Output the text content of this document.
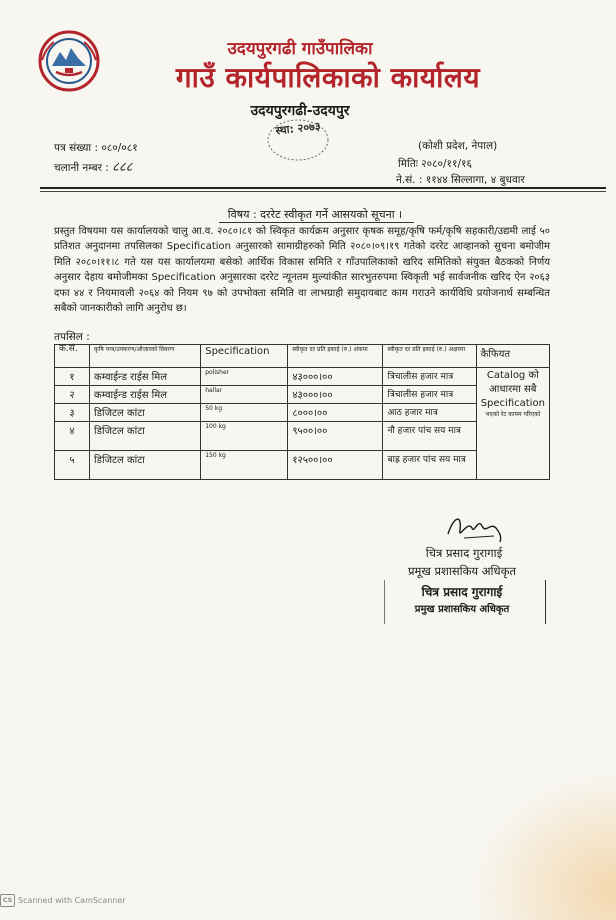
उदयपुरगढी गाउँपालिका
गाउँ कार्यपालिकाको कार्यालय
उदयपुरगढी-उदयपुर
स्था: २०७३
पत्र संख्या : ०८०/०८१
चलानी नम्बर : ८८८
(कोशी प्रदेश, नेपाल)
मितिः २०८०/११/१६
ने.सं. : ११४४ सिल्लागा, ४ बुधवार
विषय : दररेट स्वीकृत गर्ने आसयको सूचना ।
प्रस्तुत विषयमा यस कार्यालयको चालु आ.व. २०८०।८१ को स्विकृत कार्यक्रम अनुसार कृषक समूह/कृषि फर्म/कृषि सहकारी/उद्यमी लाई ५० प्रतिशत अनुदानमा तपसिलका Specification अनुसारको सामाग्रीहरुको मिति २०८०।०९।१९ गतेको दररेट आव्हानको सुचना बमोजीम मिति २०८०।११।८ गते यस यस कार्यालयमा बसेको आर्थिक विकास समिति र गाँउपालिकाको खरिद समितिको संयुक्त बैठकको निर्णय अनुसार देहाय बमोजीमका Specification अनुसारका दररेट न्यूनतम मुल्यांकीत सारभुतरुपमा स्विकृती भई सार्वजनीक खरिद ऐन २०६३ दफा ४४ र नियमावली २०६४ को नियम ९७ को उपभोक्ता समिति वा लाभग्राही समुदायबाट काम गराउने कार्यविधि प्रयोजनार्थ सम्बन्धित सबैको जानकारीको लागि अनुरोध छ।
तपसिल :
क.सं.	कृषि यन्त्र/उपकरण/औजारको विवरण	Specification	स्वीकृत दर प्रति इकाई (रु.) अंकमा	स्वीकृत दर प्रति इकाई (रु.) अक्षरमा	कैफियत
१	कम्वाईन्ड राईस मिल	polisher	४३०००।००	त्रिचालीस हजार मात्र	Catalog को आधारमा सबै Specification
भएको रेट कायम गरिएको

२	कम्वाईन्ड राईस मिल	hallar	४३०००।००	त्रिचालीस हजार मात्र	
३	डिजिटल कांटा	50 kg	८०००।००	आठ हजार मात्र	
४	डिजिटल कांटा	100 kg	९५००।००	नौ हजार पांच सय मात्र	
५	डिजिटल कांटा	150 kg	१२५००।००	बाह्र हजार पांच सय मात्र	
चित्र प्रसाद गुरागाई
प्रमूख प्रशासकिय अधिकृत
चित्र प्रसाद गुरागाई
प्रमुख प्रशासकिय अधिकृत
CS Scanned with CamScanner
